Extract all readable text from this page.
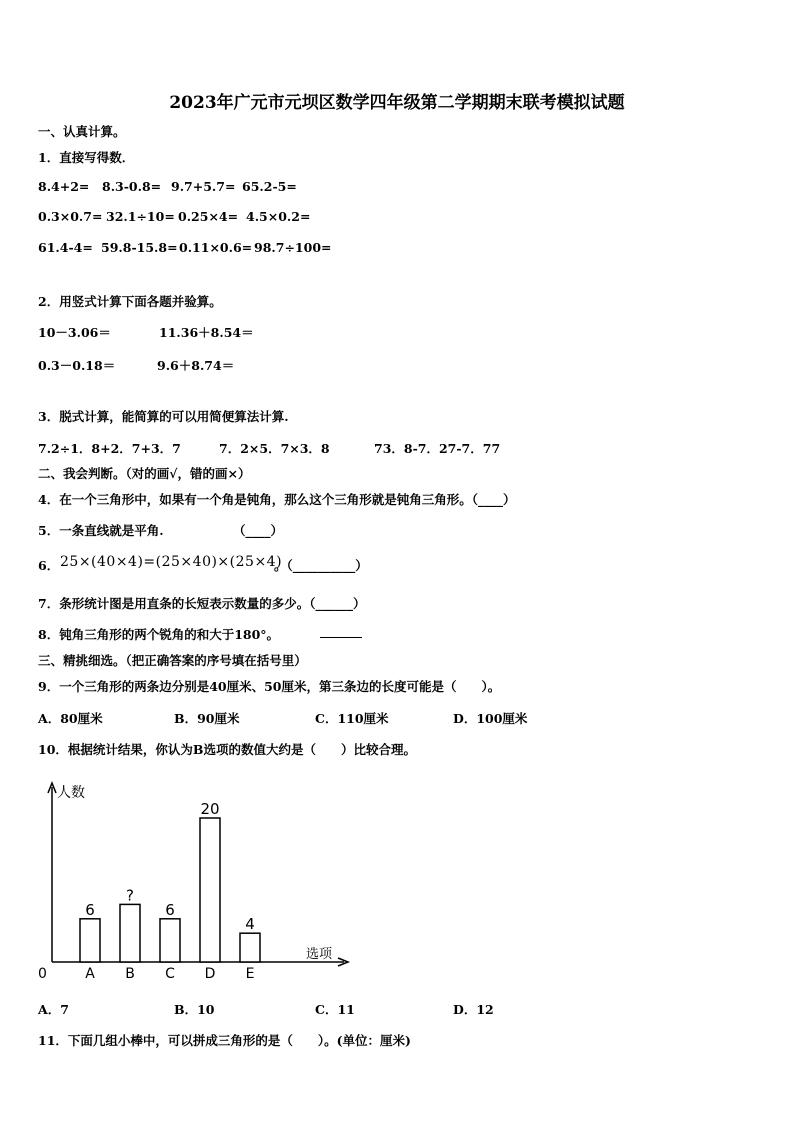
2023年广元市元坝区数学四年级第二学期期末联考模拟试题
一、认真计算。
1．直接写得数．
8.4+2= 8.3-0.8= 9.7+5.7= 65.2-5=
0.3×0.7= 32.1÷10= 0.25×4= 4.5×0.2=
61.4-4= 59.8-15.8= 0.11×0.6= 98.7÷100=
2．用竖式计算下面各题并验算。
10－3.06＝	11.36＋8.54＝
0.3－0.18＝	9.6＋8.74＝
3．脱式计算，能简算的可以用简便算法计算.
7.2÷1．8+2．7+3．7	7．2×5．7×3．8	73．8-7．27-7．77
二、我会判断。（对的画√，错的画×）
4．在一个三角形中，如果有一个角是钝角，那么这个三角形就是钝角三角形。（____）
5．一条直线就是平角.	（____）
6． 25×(40×4)=(25×40)×(25×4)
。（__________）
7．条形统计图是用直条的长短表示数量的多少。（______）
8．钝角三角形的两个锐角的和大于180°。
三、精挑细选。（把正确答案的序号填在括号里）
9．一个三角形的两条边分别是40厘米、50厘米，第三条边的长度可能是（　　）。
A．80厘米	B．90厘米	C．110厘米	D．100厘米
10．根据统计结果，你认为B选项的数值大约是（　　）比较合理。
人数
选项
0	A
6
B
?
C
6
D
20
E
4
A．7	B．10	C．11	D．12
11．下面几组小棒中，可以拼成三角形的是（　　）。(单位：厘米)
